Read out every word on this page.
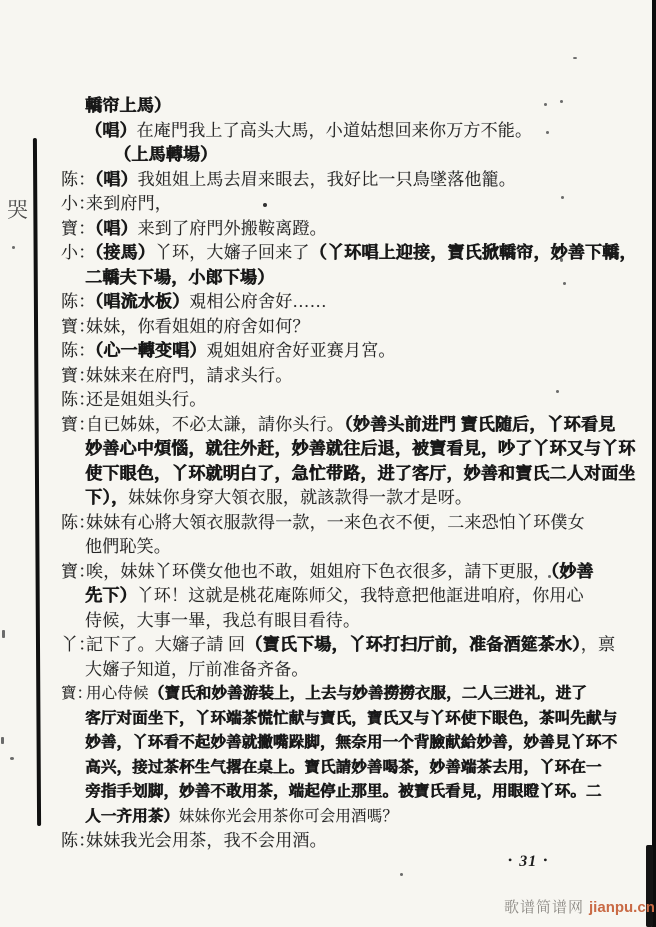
哭
轎帘上馬）
（唱）在庵門我上了高头大馬，小道姑想回来你万方不能。
（上馬轉場）
陈：（唱）我姐姐上馬去眉来眼去，我好比一只鳥墜落他籠。
小：来到府門，
寶：（唱）来到了府門外搬鞍离蹬。
小：（接馬）丫环，大嬸子回来了（丫环唱上迎接，寶氏掀轎帘，妙善下轎，
二轎夫下場，小郎下場）
陈：（唱流水板）覌相公府舍好……
寶：妹妹，你看姐姐的府舍如何？
陈：（心一轉变唱）覌姐姐府舍好亚赛月宮。
寶：妹妹来在府門，請求头行。
陈：还是姐姐头行。
寶：自已姊妹，不必太謙，請你头行。（妙善头前进門 寶氏随后，丫环看見
妙善心中煩惱，就往外赶，妙善就往后退，被寶看見，吵了丫环又与丫环
使下眼色，丫环就明白了，急忙带路，进了客厅，妙善和寶氏二人对面坐
下），妹妹你身穿大領衣服，就該款得一款才是呀。
陈：妹妹有心將大領衣服款得一款，一来色衣不便，二来恐怕丫环僕女
他們恥笑。
寶：唉，妹妹丫环僕女他也不敢，姐姐府下色衣很多，請下更服，（妙善
先下）丫环！这就是桃花庵陈师父，我特意把他誆进咱府，你用心
侍候，大事一畢，我总有眼目看待。
丫：記下了。大嬸子請 回（寶氏下場，丫环打扫厅前，准备酒筵茶水），禀
大嬸子知道，厅前准备齐备。
寶：用心侍候（寶氏和妙善游装上，上去与妙善撈撈衣服，二人三进礼，进了
客厅对面坐下，丫环端茶慌忙献与寶氏，寶氏又与丫环使下眼色，茶叫先献与
妙善，丫环看不起妙善就撇嘴跺脚，無奈用一个背臉献給妙善，妙善見丫环不
高兴，接过茶杯生气撂在桌上。寶氏請妙善喝茶，妙善端茶去用，丫环在一
旁指手划脚，妙善不敢用茶，端起停止那里。被寶氏看見，用眼瞪丫环。二
人一齐用茶）妹妹你光会用茶你可会用酒嗎？
陈：妹妹我光会用茶，我不会用酒。
• 31 •
歌谱简谱网 jianpu.cn
